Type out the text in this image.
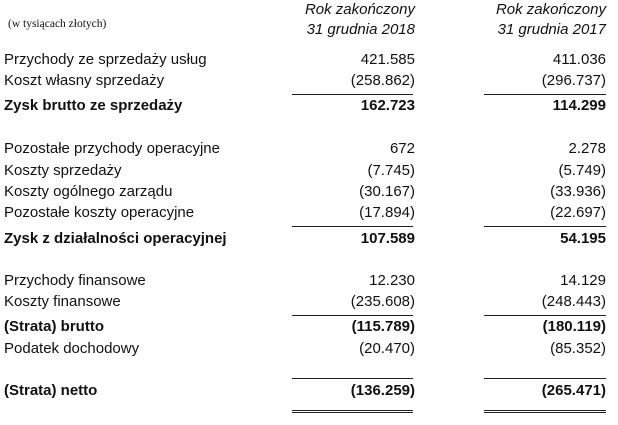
(w tysiącach złotych)
Rok zakończony
31 grudnia 2018
Rok zakończony
31 grudnia 2017
Przychody ze sprzedaży usług	421.585	411.036
Koszt własny sprzedaży	(258.862)	(296.737)
Zysk brutto ze sprzedaży	162.723	114.299
Pozostałe przychody operacyjne	672	2.278
Koszty sprzedaży	(7.745)	(5.749)
Koszty ogólnego zarządu	(30.167)	(33.936)
Pozostałe koszty operacyjne	(17.894)	(22.697)
Zysk z działalności operacyjnej	107.589	54.195
Przychody finansowe	12.230	14.129
Koszty finansowe	(235.608)	(248.443)
(Strata) brutto	(115.789)	(180.119)
Podatek dochodowy	(20.470)	(85.352)
(Strata) netto	(136.259)	(265.471)
